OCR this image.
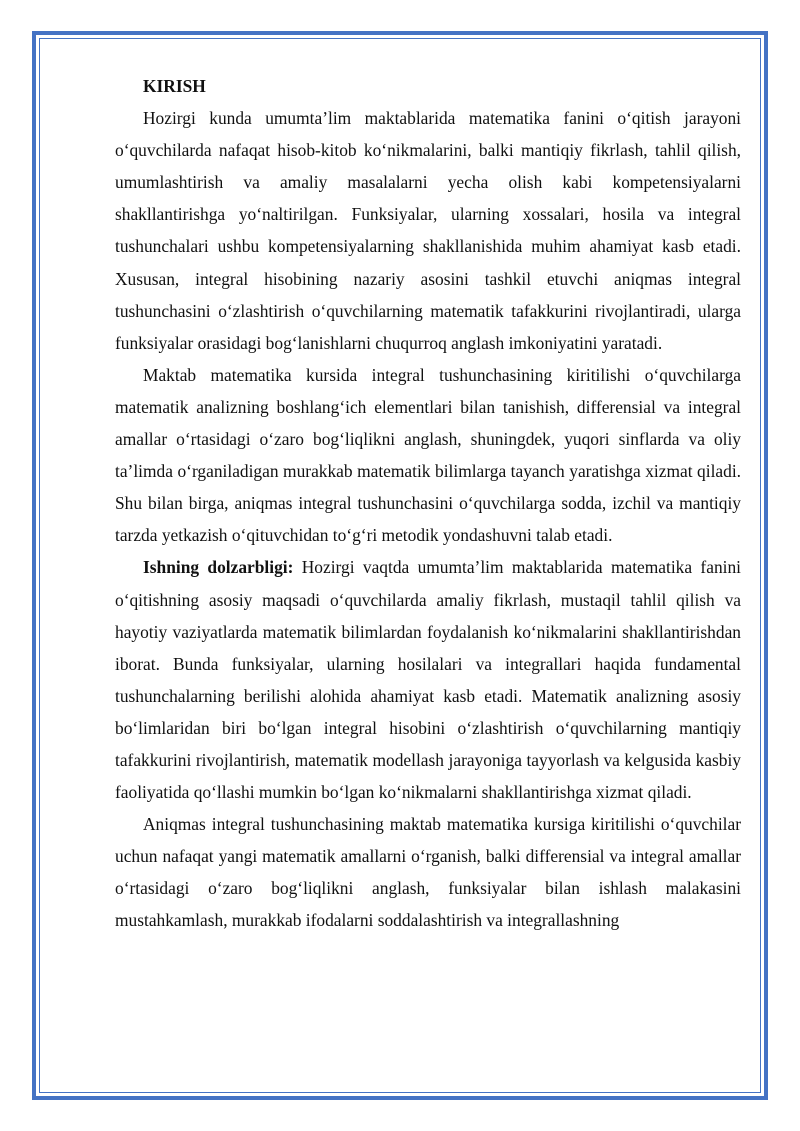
KIRISH

Hozirgi kunda umumta’lim maktablarida matematika fanini o‘qitish jarayoni o‘quvchilarda nafaqat hisob-kitob ko‘nikmalarini, balki mantiqiy fikrlash, tahlil qilish, umumlashtirish va amaliy masalalarni yecha olish kabi kompetensiyalarni shakllantirishga yo‘naltirilgan. Funksiyalar, ularning xossalari, hosila va integral tushunchalari ushbu kompetensiyalarning shakllanishida muhim ahamiyat kasb etadi. Xususan, integral hisobining nazariy asosini tashkil etuvchi aniqmas integral tushunchasini o‘zlashtirish o‘quvchilarning matematik tafakkurini rivojlantiradi, ularga funksiyalar orasidagi bog‘lanishlarni chuqurroq anglash imkoniyatini yaratadi.

Maktab matematika kursida integral tushunchasining kiritilishi o‘quvchilarga matematik analizning boshlang‘ich elementlari bilan tanishish, differensial va integral amallar o‘rtasidagi o‘zaro bog‘liqlikni anglash, shuningdek, yuqori sinflarda va oliy ta’limda o‘rganiladigan murakkab matematik bilimlarga tayanch yaratishga xizmat qiladi. Shu bilan birga, aniqmas integral tushunchasini o‘quvchilarga sodda, izchil va mantiqiy tarzda yetkazish o‘qituvchidan to‘g‘ri metodik yondashuvni talab etadi.

Ishning dolzarbligi: Hozirgi vaqtda umumta’lim maktablarida matematika fanini o‘qitishning asosiy maqsadi o‘quvchilarda amaliy fikrlash, mustaqil tahlil qilish va hayotiy vaziyatlarda matematik bilimlardan foydalanish ko‘nikmalarini shakllantirishdan iborat. Bunda funksiyalar, ularning hosilalari va integrallari haqida fundamental tushunchalarning berilishi alohida ahamiyat kasb etadi. Matematik analizning asosiy bo‘limlaridan biri bo‘lgan integral hisobini o‘zlashtirish o‘quvchilarning mantiqiy tafakkurini rivojlantirish, matematik modellash jarayoniga tayyorlash va kelgusida kasbiy faoliyatida qo‘llashi mumkin bo‘lgan ko‘nikmalarni shakllantirishga xizmat qiladi.

Aniqmas integral tushunchasining maktab matematika kursiga kiritilishi o‘quvchilar uchun nafaqat yangi matematik amallarni o‘rganish, balki differensial va integral amallar o‘rtasidagi o‘zaro bog‘liqlikni anglash, funksiyalar bilan ishlash malakasini mustahkamlash, murakkab ifodalarni soddalashtirish va integrallashning
